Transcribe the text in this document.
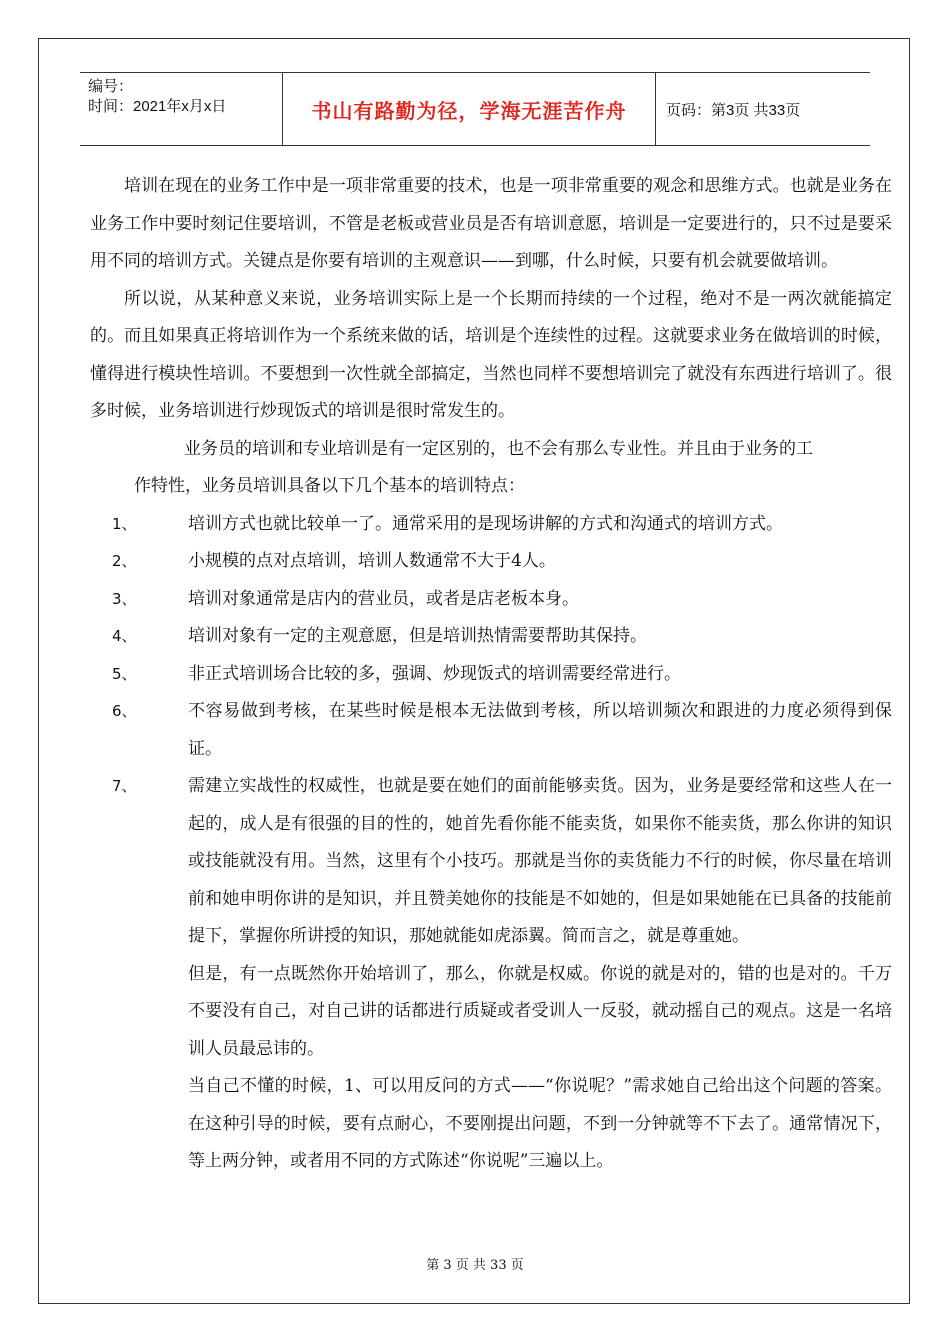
编号：
时间：2021年x月x日	书山有路勤为径，学海无涯苦作舟	页码：第3页 共33页

培训在现在的业务工作中是一项非常重要的技术，也是一项非常重要的观念和思维方式。也就是业务在业务工作中要时刻记住要培训，不管是老板或营业员是否有培训意愿，培训是一定要进行的，只不过是要采用不同的培训方式。关键点是你要有培训的主观意识——到哪，什么时候，只要有机会就要做培训。

所以说，从某种意义来说，业务培训实际上是一个长期而持续的一个过程，绝对不是一两次就能搞定的。而且如果真正将培训作为一个系统来做的话，培训是个连续性的过程。这就要求业务在做培训的时候，懂得进行模块性培训。不要想到一次性就全部搞定，当然也同样不要想培训完了就没有东西进行培训了。很多时候，业务培训进行炒现饭式的培训是很时常发生的。

业务员的培训和专业培训是有一定区别的，也不会有那么专业性。并且由于业务的工

作特性，业务员培训具备以下几个基本的培训特点：

1、	培训方式也就比较单一了。通常采用的是现场讲解的方式和沟通式的培训方式。
2、	小规模的点对点培训，培训人数通常不大于4人。
3、	培训对象通常是店内的营业员，或者是店老板本身。
4、	培训对象有一定的主观意愿，但是培训热情需要帮助其保持。
5、	非正式培训场合比较的多，强调、炒现饭式的培训需要经常进行。
6、	不容易做到考核，在某些时候是根本无法做到考核，所以培训频次和跟进的力度必须得到保证。
7、	需建立实战性的权威性，也就是要在她们的面前能够卖货。因为，业务是要经常和这些人在一起的，成人是有很强的目的性的，她首先看你能不能卖货，如果你不能卖货，那么你讲的知识或技能就没有用。当然，这里有个小技巧。那就是当你的卖货能力不行的时候，你尽量在培训前和她申明你讲的是知识，并且赞美她你的技能是不如她的，但是如果她能在已具备的技能前提下，掌握你所讲授的知识，那她就能如虎添翼。简而言之，就是尊重她。

但是，有一点既然你开始培训了，那么，你就是权威。你说的就是对的，错的也是对的。千万不要没有自己，对自己讲的话都进行质疑或者受训人一反驳，就动摇自己的观点。这是一名培训人员最忌讳的。

当自己不懂的时候，1、可以用反问的方式——“你说呢？”需求她自己给出这个问题的答案。在这种引导的时候，要有点耐心，不要刚提出问题，不到一分钟就等不下去了。通常情况下，等上两分钟，或者用不同的方式陈述“你说呢”三遍以上。

第 3 页 共 33 页
